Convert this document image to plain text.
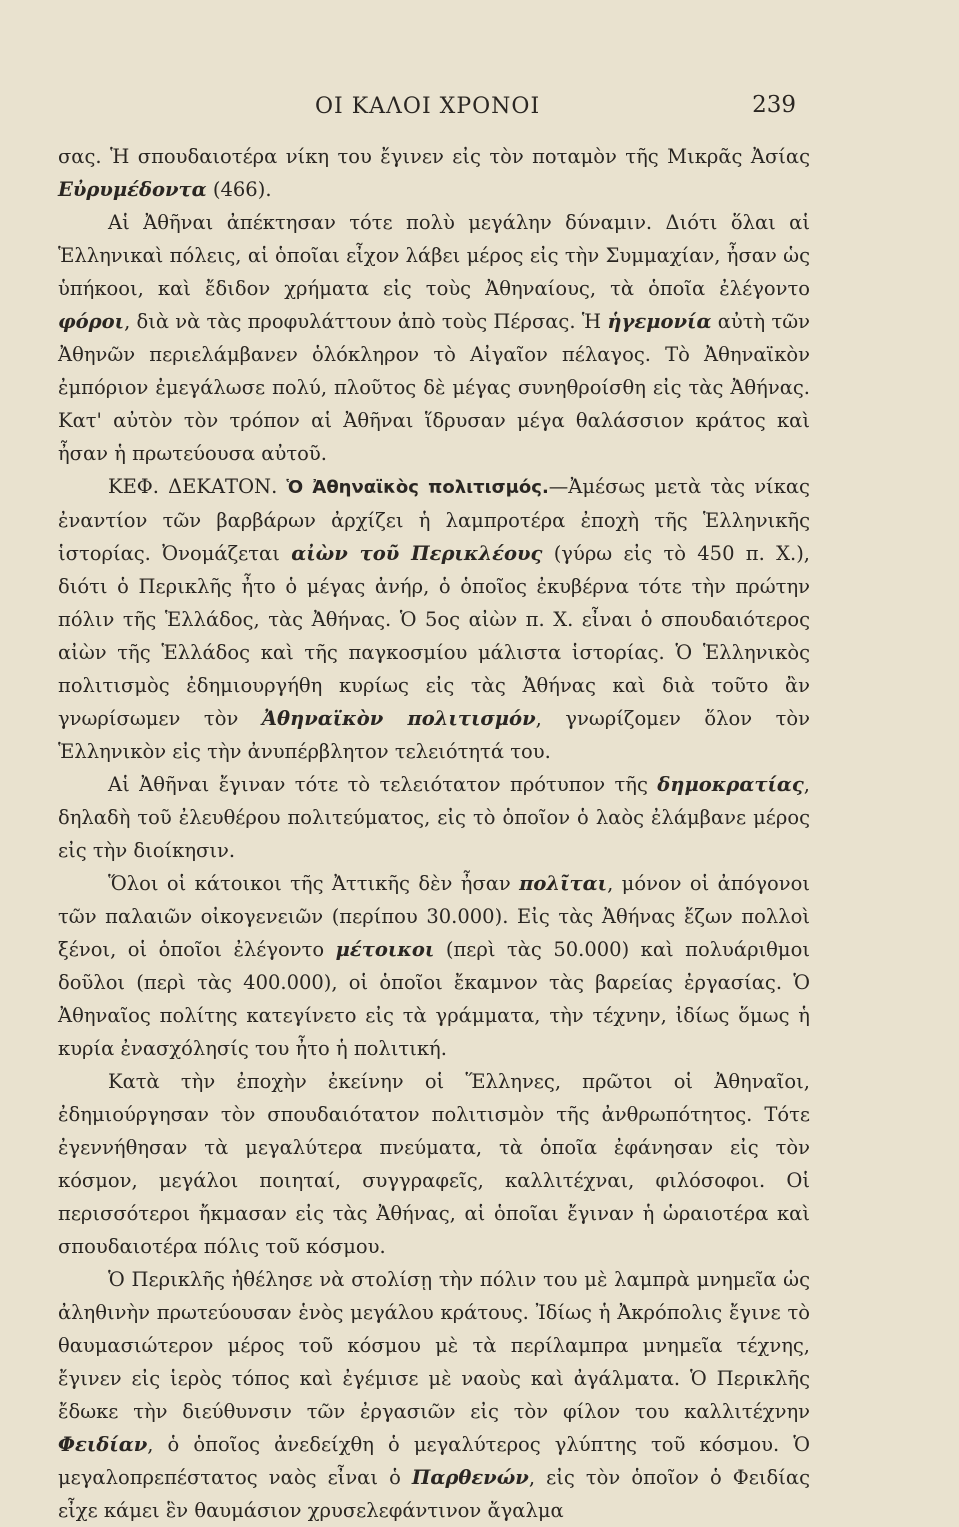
ΟΙ ΚΑΛΟΙ ΧΡΟΝΟΙ	239

σας. Ἡ σπουδαιοτέρα νίκη του ἔγινεν εἰς τὸν ποταμὸν τῆς Μικρᾶς Ἀσίας Εὐρυμέδοντα (466).

Αἱ Ἀθῆναι ἀπέκτησαν τότε πολὺ μεγάλην δύναμιν. Διότι ὅλαι αἱ Ἑλληνικαὶ πόλεις, αἱ ὁποῖαι εἶχον λάβει μέρος εἰς τὴν Συμμαχίαν, ἦσαν ὡς ὑπήκοοι, καὶ ἔδιδον χρήματα εἰς τοὺς Ἀθηναίους, τὰ ὁποῖα ἐλέγοντο φόροι, διὰ νὰ τὰς προφυλάττουν ἀπὸ τοὺς Πέρσας. Ἡ ἡγεμονία αὐτὴ τῶν Ἀθηνῶν περιελάμβανεν ὁλόκληρον τὸ Αἰγαῖον πέλαγος. Τὸ Ἀθηναϊκὸν ἐμπόριον ἐμεγάλωσε πολύ, πλοῦτος δὲ μέγας συνηθροίσθη εἰς τὰς Ἀθήνας. Κατ' αὐτὸν τὸν τρόπον αἱ Ἀθῆναι ἵδρυσαν μέγα θαλάσσιον κράτος καὶ ἦσαν ἡ πρωτεύουσα αὐτοῦ.

ΚΕΦ. ΔΕΚΑΤΟΝ. Ὁ Ἀθηναϊκὸς πολιτισμός.—Ἀμέσως μετὰ τὰς νίκας ἐναντίον τῶν βαρβάρων ἀρχίζει ἡ λαμπροτέρα ἐποχὴ τῆς Ἑλληνικῆς ἱστορίας. Ὀνομάζεται αἰὼν τοῦ Περικλέους (γύρω εἰς τὸ 450 π. Χ.), διότι ὁ Περικλῆς ἦτο ὁ μέγας ἀνήρ, ὁ ὁποῖος ἐκυβέρνα τότε τὴν πρώτην πόλιν τῆς Ἑλλάδος, τὰς Ἀθήνας. Ὁ 5ος αἰὼν π. Χ. εἶναι ὁ σπουδαιότερος αἰὼν τῆς Ἑλλάδος καὶ τῆς παγκοσμίου μάλιστα ἱστορίας. Ὁ Ἑλληνικὸς πολιτισμὸς ἐδημιουργήθη κυρίως εἰς τὰς Ἀθήνας καὶ διὰ τοῦτο ἂν γνωρίσωμεν τὸν Ἀθηναϊκὸν πολιτισμόν, γνωρίζομεν ὅλον τὸν Ἑλληνικὸν εἰς τὴν ἀνυπέρβλητον τελειότητά του.

Αἱ Ἀθῆναι ἔγιναν τότε τὸ τελειότατον πρότυπον τῆς δημοκρατίας, δηλαδὴ τοῦ ἐλευθέρου πολιτεύματος, εἰς τὸ ὁποῖον ὁ λαὸς ἐλάμβανε μέρος εἰς τὴν διοίκησιν.

Ὅλοι οἱ κάτοικοι τῆς Ἀττικῆς δὲν ἦσαν πολῖται, μόνον οἱ ἀπόγονοι τῶν παλαιῶν οἰκογενειῶν (περίπου 30.000). Εἰς τὰς Ἀθήνας ἔζων πολλοὶ ξένοι, οἱ ὁποῖοι ἐλέγοντο μέτοικοι (περὶ τὰς 50.000) καὶ πολυάριθμοι δοῦλοι (περὶ τὰς 400.000), οἱ ὁποῖοι ἔκαμνον τὰς βαρείας ἐργασίας. Ὁ Ἀθηναῖος πολίτης κατεγίνετο εἰς τὰ γράμματα, τὴν τέχνην, ἰδίως ὅμως ἡ κυρία ἐνασχόλησίς του ἦτο ἡ πολιτική.

Κατὰ τὴν ἐποχὴν ἐκείνην οἱ Ἕλληνες, πρῶτοι οἱ Ἀθηναῖοι, ἐδημιούργησαν τὸν σπουδαιότατον πολιτισμὸν τῆς ἀνθρωπότητος. Τότε ἐγεννήθησαν τὰ μεγαλύτερα πνεύματα, τὰ ὁποῖα ἐφάνησαν εἰς τὸν κόσμον, μεγάλοι ποιηταί, συγγραφεῖς, καλλιτέχναι, φιλόσοφοι. Οἱ περισσότεροι ἤκμασαν εἰς τὰς Ἀθήνας, αἱ ὁποῖαι ἔγιναν ἡ ὡραιοτέρα καὶ σπουδαιοτέρα πόλις τοῦ κόσμου.

Ὁ Περικλῆς ἠθέλησε νὰ στολίσῃ τὴν πόλιν του μὲ λαμπρὰ μνημεῖα ὡς ἀληθινὴν πρωτεύουσαν ἑνὸς μεγάλου κράτους. Ἰδίως ἡ Ἀκρόπολις ἔγινε τὸ θαυμασιώτερον μέρος τοῦ κόσμου μὲ τὰ περίλαμπρα μνημεῖα τέχνης, ἔγινεν εἰς ἱερὸς τόπος καὶ ἐγέμισε μὲ ναοὺς καὶ ἀγάλματα. Ὁ Περικλῆς ἔδωκε τὴν διεύθυνσιν τῶν ἐργασιῶν εἰς τὸν φίλον του καλλιτέχνην Φειδίαν, ὁ ὁποῖος ἀνεδείχθη ὁ μεγαλύτερος γλύπτης τοῦ κόσμου. Ὁ μεγαλοπρεπέστατος ναὸς εἶναι ὁ Παρθενών, εἰς τὸν ὁποῖον ὁ Φειδίας εἶχε κάμει ἓν θαυμάσιον χρυσελεφάντινον ἄγαλμα
